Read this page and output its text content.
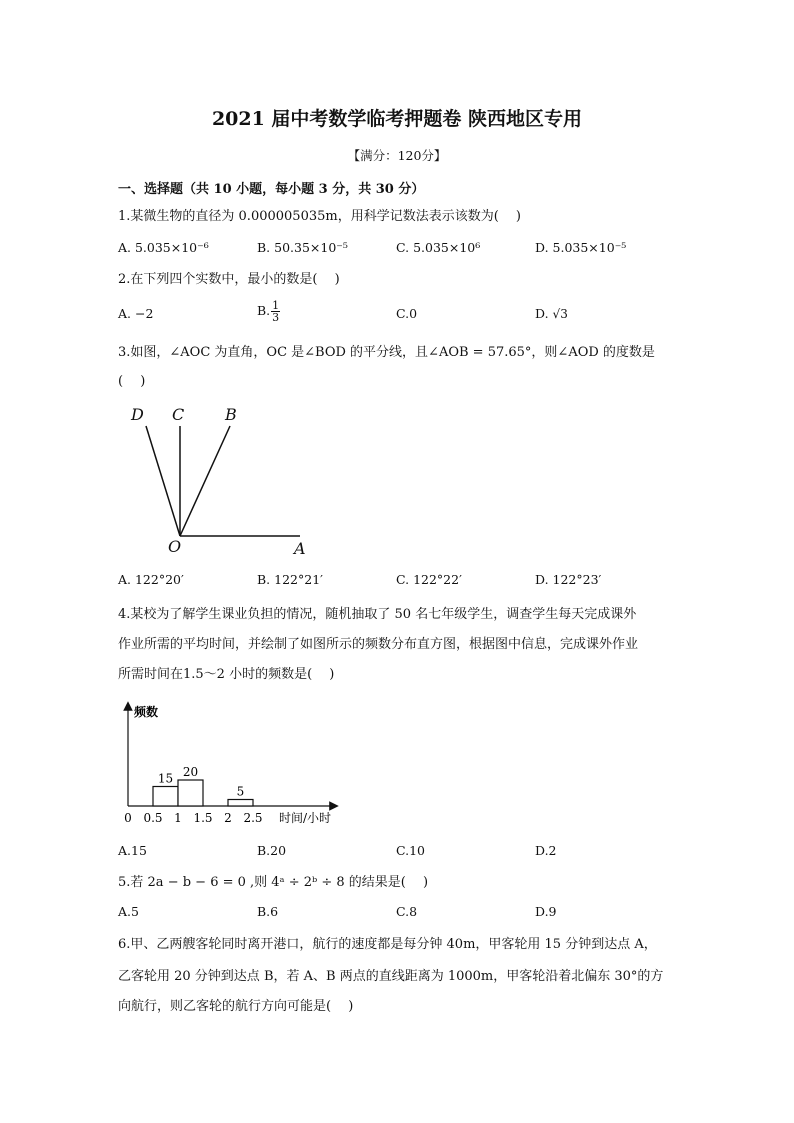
2021 届中考数学临考押题卷 陕西地区专用
【满分：120分】
一、选择题（共 10 小题，每小题 3 分，共 30 分）
1.某微生物的直径为 0.000005035m，用科学记数法表示该数为(　 )
A. 5.035×10⁻⁶	B. 50.35×10⁻⁵	C. 5.035×10⁶	D. 5.035×10⁻⁵
2.在下列四个实数中，最小的数是(　 )
A. −2	B. $\frac{1}{3}$	C.0	D. √3
3.如图，∠AOC 为直角，OC 是∠BOD 的平分线，且∠AOB = 57.65°，则∠AOD 的度数是
(　 )
D C	B
O	A
A. 122°20′	B. 122°21′	C. 122°22′	D. 122°23′
4.某校为了解学生课业负担的情况，随机抽取了 50 名七年级学生，调查学生每天完成课外
作业所需的平均时间，并绘制了如图所示的频数分布直方图，根据图中信息，完成课外作业
所需时间在1.5～2 小时的频数是(　 )
频数
15 20
5
0 0.5 1 1.5 2 2.5 时间/小时
A.15	B.20	C.10	D.2
5.若 2a − b − 6 = 0 ,则 4ᵃ ÷ 2ᵇ ÷ 8 的结果是(　 )
A.5	B.6	C.8	D.9
6.甲、乙两艘客轮同时离开港口，航行的速度都是每分钟 40m，甲客轮用 15 分钟到达点 A，
乙客轮用 20 分钟到达点 B，若 A、B 两点的直线距离为 1000m，甲客轮沿着北偏东 30°的方
向航行，则乙客轮的航行方向可能是(　 )
